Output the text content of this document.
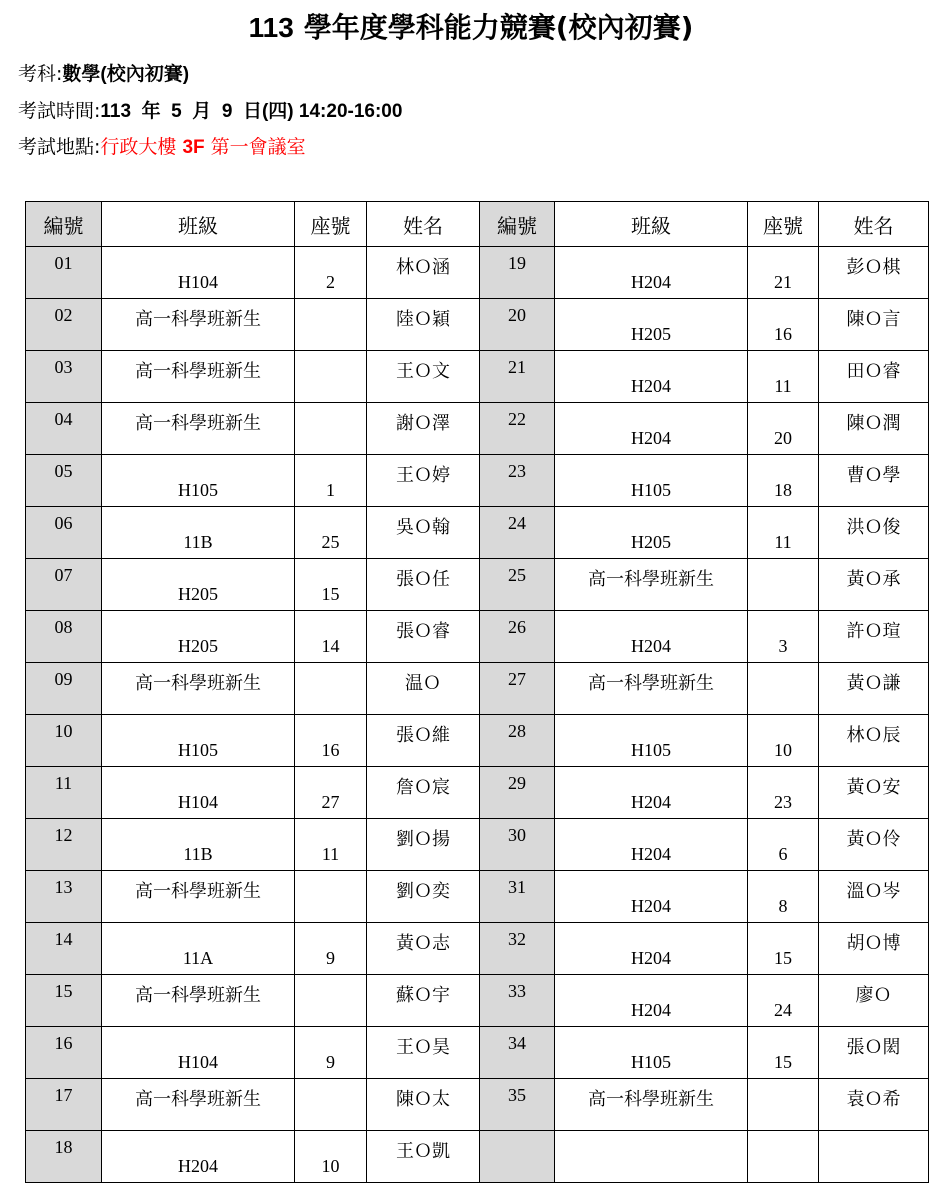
113 學年度學科能力競賽(校內初賽)
考科:數學(校內初賽)
考試時間:113  年  5  月  9  日(四) 14:20-16:00
考試地點:行政大樓 3F 第一會議室
編號	班級	座號	姓名	編號	班級	座號	姓名
01	H104	2	林Ｏ涵	19	H204	21	彭Ｏ棋
02	高一科學班新生		陸Ｏ穎	20	H205	16	陳Ｏ言
03	高一科學班新生		王Ｏ文	21	H204	11	田Ｏ睿
04	高一科學班新生		謝Ｏ澤	22	H204	20	陳Ｏ潤
05	H105	1	王Ｏ婷	23	H105	18	曹Ｏ學
06	11B	25	吳Ｏ翰	24	H205	11	洪Ｏ俊
07	H205	15	張Ｏ任	25	高一科學班新生		黃Ｏ承
08	H205	14	張Ｏ睿	26	H204	3	許Ｏ瑄
09	高一科學班新生		温Ｏ	27	高一科學班新生		黃Ｏ謙
10	H105	16	張Ｏ維	28	H105	10	林Ｏ辰
11	H104	27	詹Ｏ宸	29	H204	23	黃Ｏ安
12	11B	11	劉Ｏ揚	30	H204	6	黃Ｏ伶
13	高一科學班新生		劉Ｏ奕	31	H204	8	溫Ｏ岑
14	11A	9	黃Ｏ志	32	H204	15	胡Ｏ博
15	高一科學班新生		蘇Ｏ宇	33	H204	24	廖Ｏ
16	H104	9	王Ｏ昊	34	H105	15	張Ｏ閎
17	高一科學班新生		陳Ｏ太	35	高一科學班新生		袁Ｏ希
18	H204	10	王Ｏ凱				
